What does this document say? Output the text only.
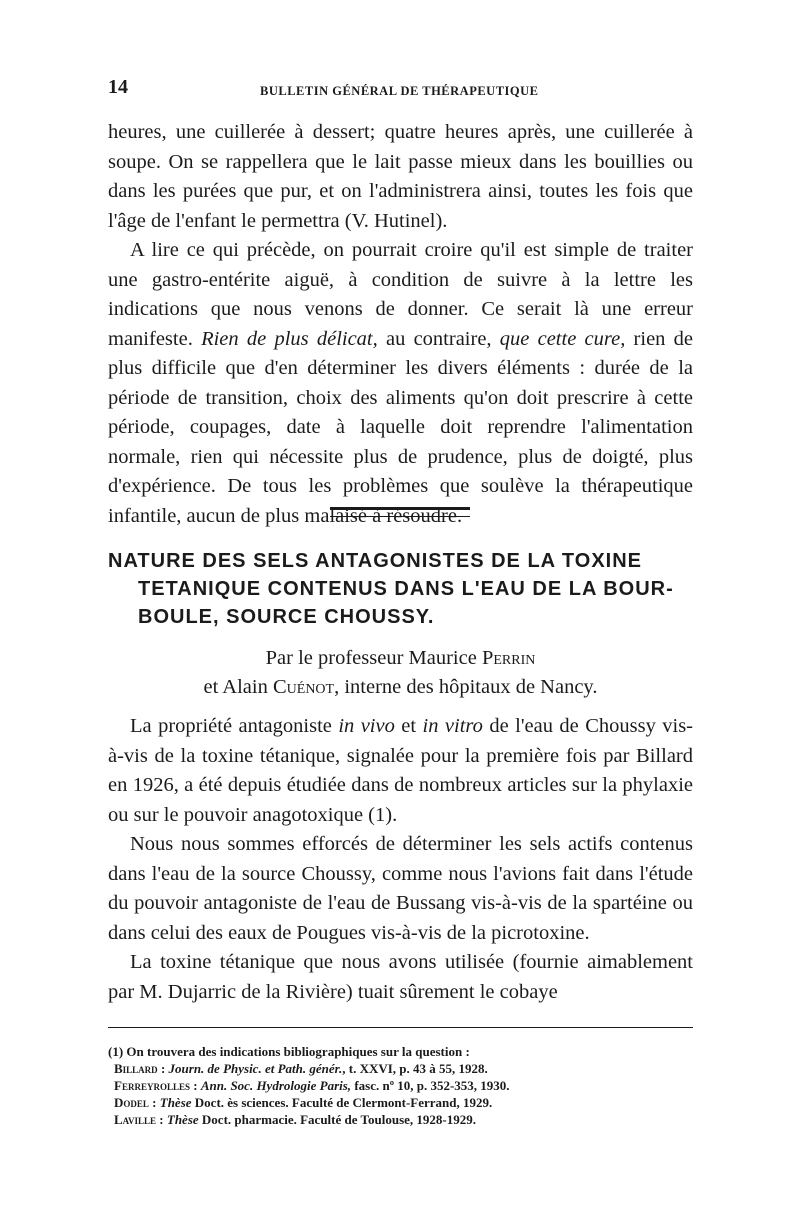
14	BULLETIN GÉNÉRAL DE THÉRAPEUTIQUE

heures, une cuillerée à dessert; quatre heures après, une cuillerée à soupe. On se rappellera que le lait passe mieux dans les bouillies ou dans les purées que pur, et on l'administrera ainsi, toutes les fois que l'âge de l'enfant le permettra (V. Hutinel).

A lire ce qui précède, on pourrait croire qu'il est simple de traiter une gastro-entérite aiguë, à condition de suivre à la lettre les indications que nous venons de donner. Ce serait là une erreur manifeste. Rien de plus délicat, au contraire, que cette cure, rien de plus difficile que d'en déterminer les divers éléments : durée de la période de transition, choix des aliments qu'on doit prescrire à cette période, coupages, date à laquelle doit reprendre l'alimentation normale, rien qui nécessite plus de prudence, plus de doigté, plus d'expérience. De tous les problèmes que soulève la thérapeutique infantile, aucun de plus malaisé à résoudre.

NATURE DES SELS ANTAGONISTES DE LA TOXINE

TETANIQUE CONTENUS DANS L'EAU DE LA BOUR-

BOULE, SOURCE CHOUSSY.

Par le professeur Maurice Perrin

et Alain Cuénot, interne des hôpitaux de Nancy.

La propriété antagoniste in vivo et in vitro de l'eau de Choussy vis-à-vis de la toxine tétanique, signalée pour la première fois par Billard en 1926, a été depuis étudiée dans de nombreux articles sur la phylaxie ou sur le pouvoir anagotoxique (1).

Nous nous sommes efforcés de déterminer les sels actifs contenus dans l'eau de la source Choussy, comme nous l'avions fait dans l'étude du pouvoir antagoniste de l'eau de Bussang vis-à-vis de la spartéine ou dans celui des eaux de Pougues vis-à-vis de la picrotoxine.

La toxine tétanique que nous avons utilisée (fournie aimablement par M. Dujarric de la Rivière) tuait sûrement le cobaye

(1) On trouvera des indications bibliographiques sur la question :

Billard : Journ. de Physic. et Path. génér., t. XXVI, p. 43 à 55, 1928.

Ferreyrolles : Ann. Soc. Hydrologie Paris, fasc. nº 10, p. 352-353, 1930.

Dodel : Thèse Doct. ès sciences. Faculté de Clermont-Ferrand, 1929.

Laville : Thèse Doct. pharmacie. Faculté de Toulouse, 1928-1929.
